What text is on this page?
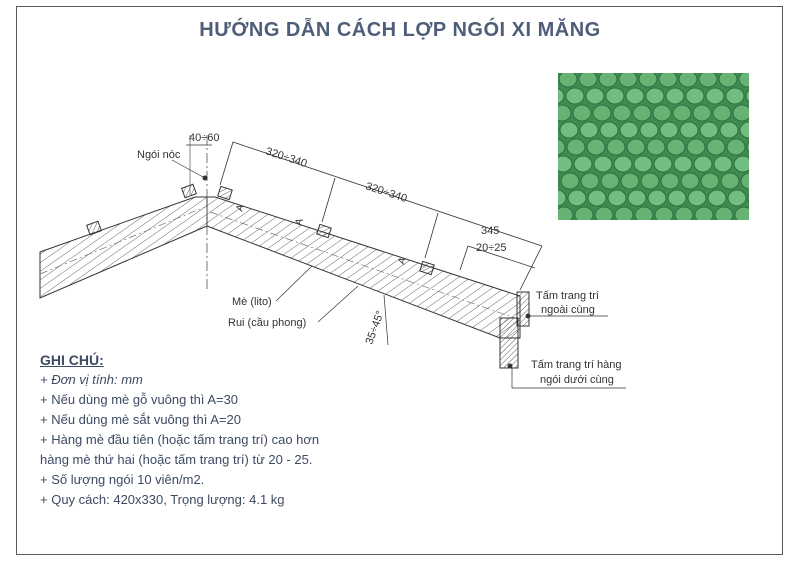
HƯỚNG DẪN CÁCH LỢP NGÓI XI MĂNG
40÷60
Ngói nóc	320÷340
320÷340
345
20÷25
A
A
A
Mè (lito)
Rui (cầu phong)	35÷45°
Tấm trang trí ngoài cùng
Tấm trang trí hàng ngói dưới cùng
GHI CHÚ:
+ Đơn vị tính: mm
+ Nếu dùng mè gỗ vuông thì A=30
+ Nếu dùng mè sắt vuông thì A=20
+ Hàng mè đầu tiên (hoặc tấm trang trí) cao hơn
hàng mè thứ hai (hoặc tấm trang trí) từ 20 - 25.
+ Số lượng ngói 10 viên/m2.
+ Quy cách: 420x330, Trọng lượng: 4.1 kg
